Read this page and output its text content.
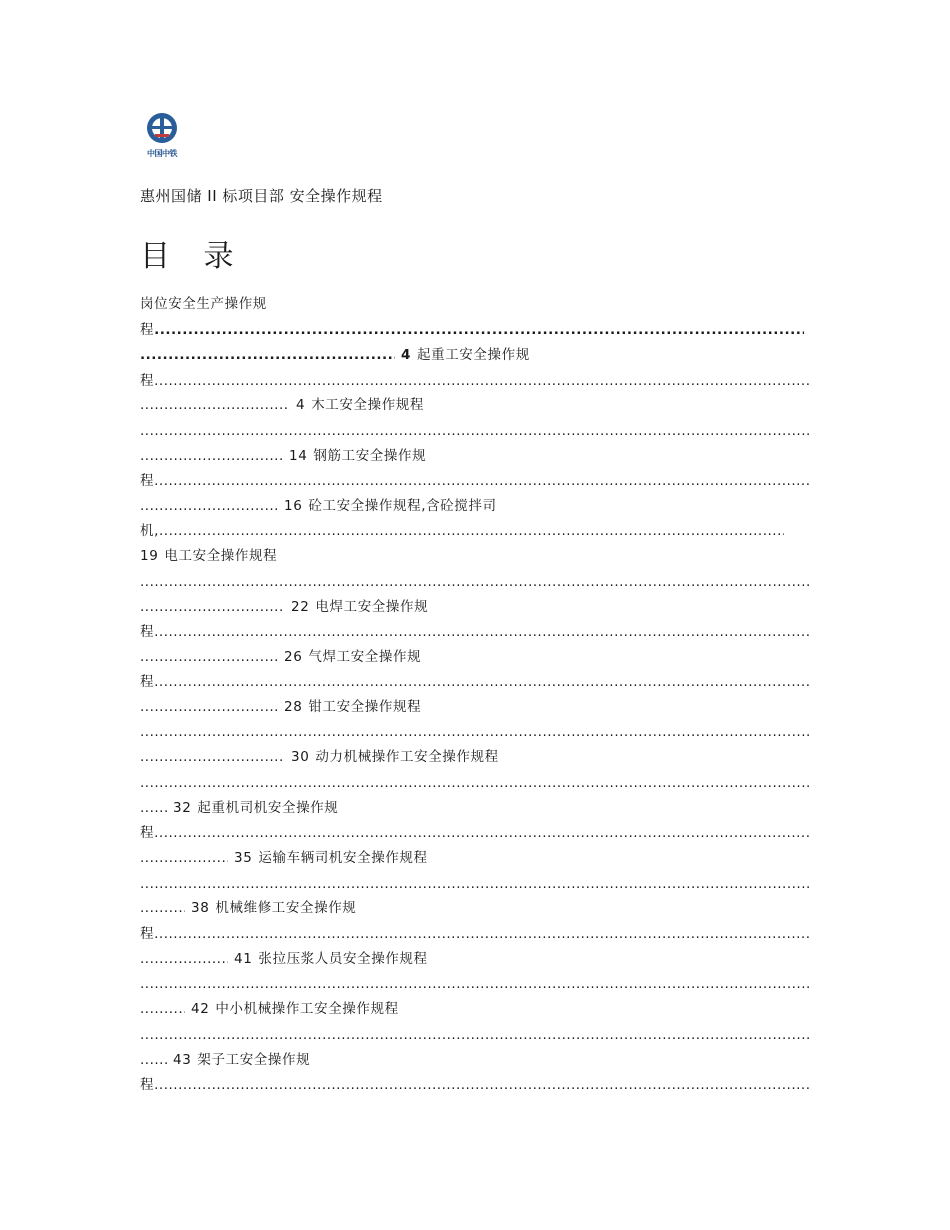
中国中铁
惠州国储 II 标项目部 安全操作规程
目 录
岗位安全生产操作规
程.....
.....4 起重工安全操作规
程.....
.....4 木工安全操作规程
.....
.....14 钢筋工安全操作规
程.....
.....16 砼工安全操作规程,含砼搅拌司
机,.....
19 电工安全操作规程
.....
.....22 电焊工安全操作规
程.....
.....26 气焊工安全操作规
程.....
.....28 钳工安全操作规程
.....
.....30 动力机械操作工安全操作规程
.....
.....32 起重机司机安全操作规
程.....
.....35 运输车辆司机安全操作规程
.....
.....38 机械维修工安全操作规
程.....
.....41 张拉压浆人员安全操作规程
.....
.....42 中小机械操作工安全操作规程
.....
.....43 架子工安全操作规
程.....
